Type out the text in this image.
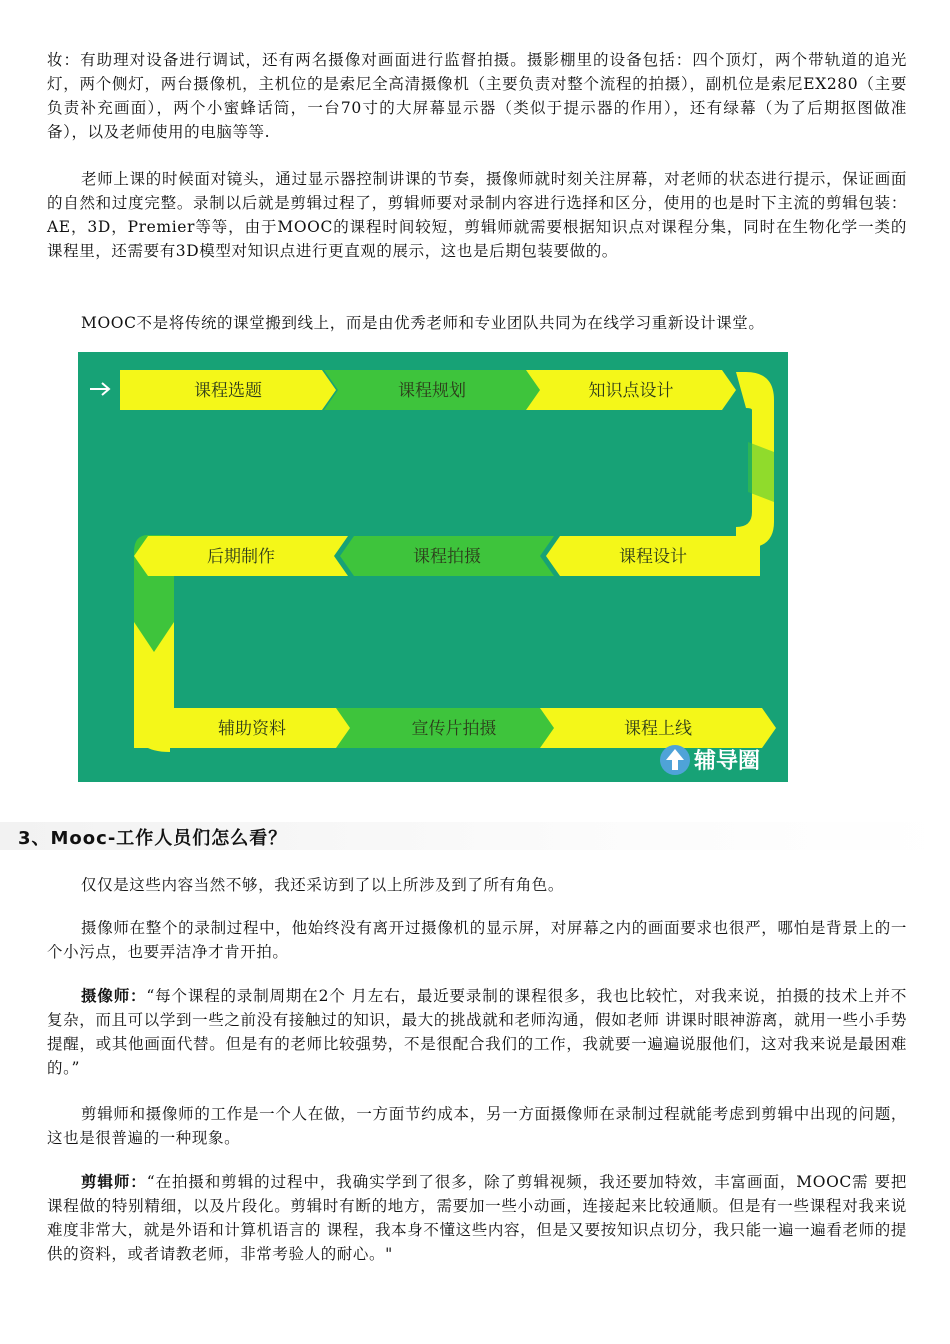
妆：有助理对设备进行调试，还有两名摄像对画面进行监督拍摄。摄影棚里的设备包括：四个顶灯，两个带轨道的追光灯，两个侧灯，两台摄像机，主机位的是索尼全高清摄像机（主要负责对整个流程的拍摄），副机位是索尼EX280（主要负责补充画面），两个小蜜蜂话筒，一台70寸的大屏幕显示器（类似于提示器的作用），还有绿幕（为了后期抠图做准备），以及老师使用的电脑等等.

老师上课的时候面对镜头，通过显示器控制讲课的节奏，摄像师就时刻关注屏幕，对老师的状态进行提示，保证画面的自然和过度完整。录制以后就是剪辑过程了，剪辑师要对录制内容进行选择和区分，使用的也是时下主流的剪辑包装：AE，3D，Premier等等，由于MOOC的课程时间较短，剪辑师就需要根据知识点对课程分集，同时在生物化学一类的课程里，还需要有3D模型对知识点进行更直观的展示，这也是后期包装要做的。

MOOC不是将传统的课堂搬到线上，而是由优秀老师和专业团队共同为在线学习重新设计课堂。

课程选题	课程规划	知识点设计
课程设计
课程拍摄
后期制作
辅助资料	宣传片拍摄	课程上线
辅导圈
3、Mooc-工作人员们怎么看？

仅仅是这些内容当然不够，我还采访到了以上所涉及到了所有角色。

摄像师在整个的录制过程中，他始终没有离开过摄像机的显示屏，对屏幕之内的画面要求也很严，哪怕是背景上的一个小污点，也要弄洁净才肯开拍。

摄像师：“每个课程的录制周期在2个 月左右，最近要录制的课程很多，我也比较忙，对我来说，拍摄的技术上并不复杂，而且可以学到一些之前没有接触过的知识，最大的挑战就和老师沟通，假如老师 讲课时眼神游离，就用一些小手势提醒，或其他画面代替。但是有的老师比较强势，不是很配合我们的工作，我就要一遍遍说服他们，这对我来说是最困难的。”

剪辑师和摄像师的工作是一个人在做，一方面节约成本，另一方面摄像师在录制过程就能考虑到剪辑中出现的问题，这也是很普遍的一种现象。

剪辑师：“在拍摄和剪辑的过程中，我确实学到了很多，除了剪辑视频，我还要加特效，丰富画面，MOOC需 要把课程做的特别精细，以及片段化。剪辑时有断的地方，需要加一些小动画，连接起来比较通顺。但是有一些课程对我来说难度非常大，就是外语和计算机语言的 课程，我本身不懂这些内容，但是又要按知识点切分，我只能一遍一遍看老师的提供的资料，或者请教老师，非常考验人的耐心。"
